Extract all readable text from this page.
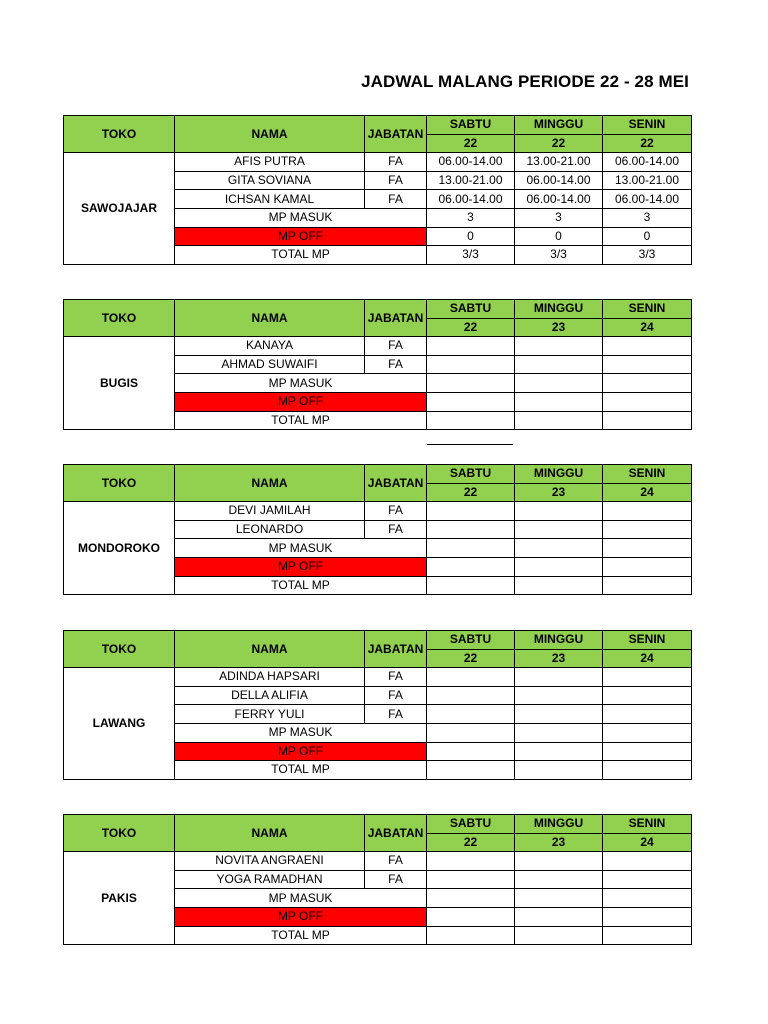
JADWAL MALANG PERIODE 22 - 28 MEI
TOKO	NAMA	JABATAN	SABTU	MINGGU	SENIN
			22	22	22
SAWOJAJAR	AFIS PUTRA	FA	06.00-14.00	13.00-21.00	06.00-14.00
	GITA SOVIANA	FA	13.00-21.00	06.00-14.00	13.00-21.00
	ICHSAN KAMAL	FA	06.00-14.00	06.00-14.00	06.00-14.00
	MP MASUK		3	3	3
	MP OFF		0	0	0
	TOTAL MP		3/3	3/3	3/3
TOKO	NAMA	JABATAN	SABTU	MINGGU	SENIN
			22	23	24
BUGIS	KANAYA	FA			
	AHMAD SUWAIFI	FA			
	MP MASUK				
	MP OFF				
	TOTAL MP				
TOKO	NAMA	JABATAN	SABTU	MINGGU	SENIN
			22	23	24
MONDOROKO	DEVI JAMILAH	FA			
	LEONARDO	FA			
	MP MASUK				
	MP OFF				
	TOTAL MP				
TOKO	NAMA	JABATAN	SABTU	MINGGU	SENIN
			22	23	24
LAWANG	ADINDA HAPSARI	FA			
	DELLA ALIFIA	FA			
	FERRY YULI	FA			
	MP MASUK				
	MP OFF				
	TOTAL MP				
TOKO	NAMA	JABATAN	SABTU	MINGGU	SENIN
			22	23	24
PAKIS	NOVITA ANGRAENI	FA			
	YOGA RAMADHAN	FA			
	MP MASUK				
	MP OFF				
	TOTAL MP				
